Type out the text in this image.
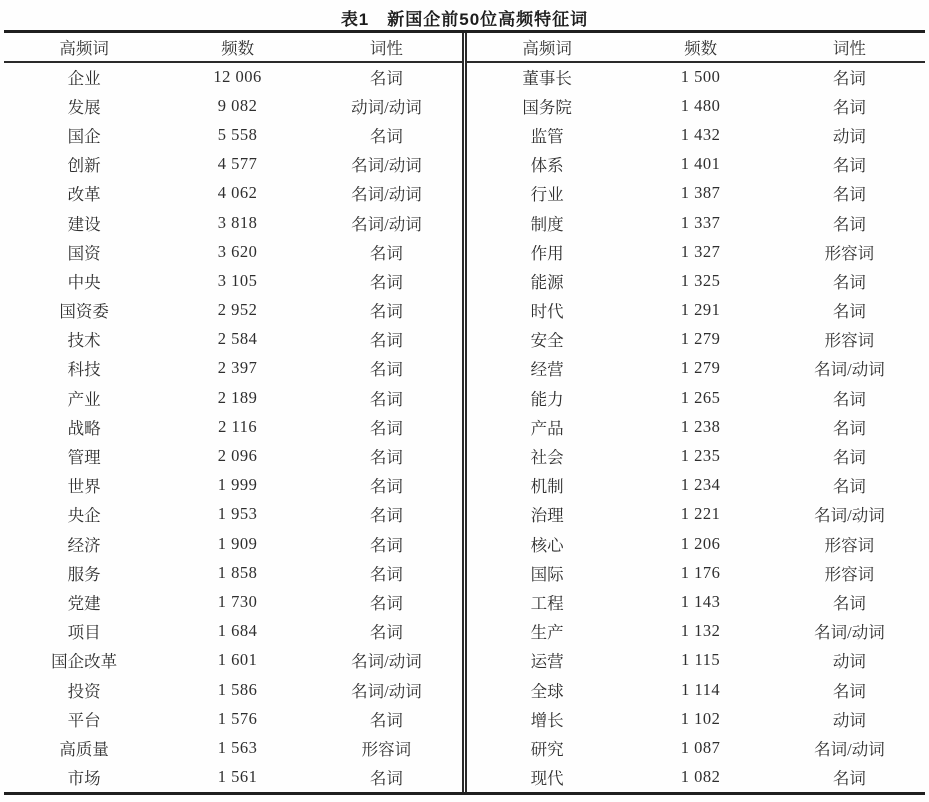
表1　新国企前50位高频特征词
高频词	频数	词性
企业	12 006	名词
发展	9 082	动词/动词
国企	5 558	名词
创新	4 577	名词/动词
改革	4 062	名词/动词
建设	3 818	名词/动词
国资	3 620	名词
中央	3 105	名词
国资委	2 952	名词
技术	2 584	名词
科技	2 397	名词
产业	2 189	名词
战略	2 116	名词
管理	2 096	名词
世界	1 999	名词
央企	1 953	名词
经济	1 909	名词
服务	1 858	名词
党建	1 730	名词
项目	1 684	名词
国企改革	1 601	名词/动词
投资	1 586	名词/动词
平台	1 576	名词
高质量	1 563	形容词
市场	1 561	名词
高频词	频数	词性
董事长	1 500	名词
国务院	1 480	名词
监管	1 432	动词
体系	1 401	名词
行业	1 387	名词
制度	1 337	名词
作用	1 327	形容词
能源	1 325	名词
时代	1 291	名词
安全	1 279	形容词
经营	1 279	名词/动词
能力	1 265	名词
产品	1 238	名词
社会	1 235	名词
机制	1 234	名词
治理	1 221	名词/动词
核心	1 206	形容词
国际	1 176	形容词
工程	1 143	名词
生产	1 132	名词/动词
运营	1 115	动词
全球	1 114	名词
增长	1 102	动词
研究	1 087	名词/动词
现代	1 082	名词
